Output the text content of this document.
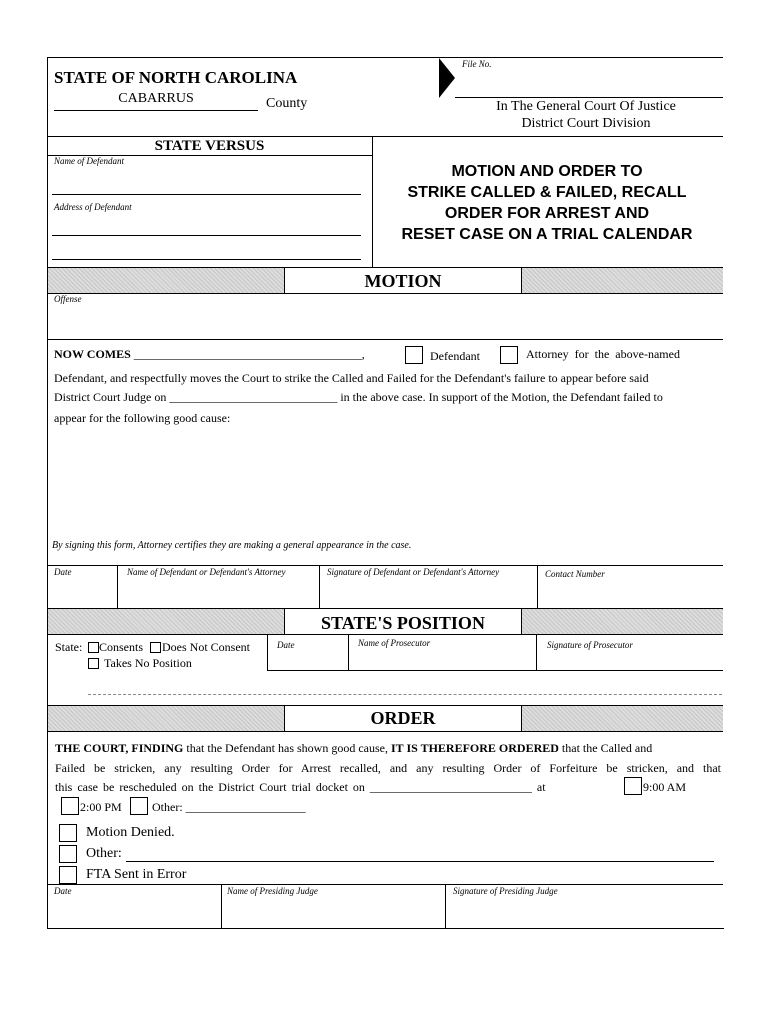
STATE OF NORTH CAROLINA
CABARRUS	County
File No.
In The General Court Of Justice
District Court Division
STATE VERSUS
Name of Defendant
Address of Defendant
MOTION AND ORDER TO
STRIKE CALLED & FAILED, RECALL
ORDER FOR ARREST AND
RESET CASE ON A TRIAL CALENDAR
MOTION
Offense
NOW COMES ______________________________________,	Defendant	Attorney for the above-named
Defendant, and respectfully moves the Court to strike the Called and Failed for the Defendant's failure to appear before said
District Court Judge on ____________________________ in the above case. In support of the Motion, the Defendant failed to
appear for the following good cause:
By signing this form, Attorney certifies they are making a general appearance in the case.
Date	Name of Defendant or Defendant's Attorney	Signature of Defendant or Defendant's Attorney	Contact Number
STATE'S POSITION
State: Consents Does Not Consent
Takes No Position
Date	Name of Prosecutor	Signature of Prosecutor
ORDER
THE COURT, FINDING that the Defendant has shown good cause, IT IS THEREFORE ORDERED that the Called and
Failed be stricken, any resulting Order for Arrest recalled, and any resulting Order of Forfeiture be stricken, and that
this case be rescheduled on the District Court trial docket on ___________________________ at	9:00 AM
2:00 PM	Other: ____________________
Motion Denied.
Other:
FTA Sent in Error
Date	Name of Presiding Judge	Signature of Presiding Judge
